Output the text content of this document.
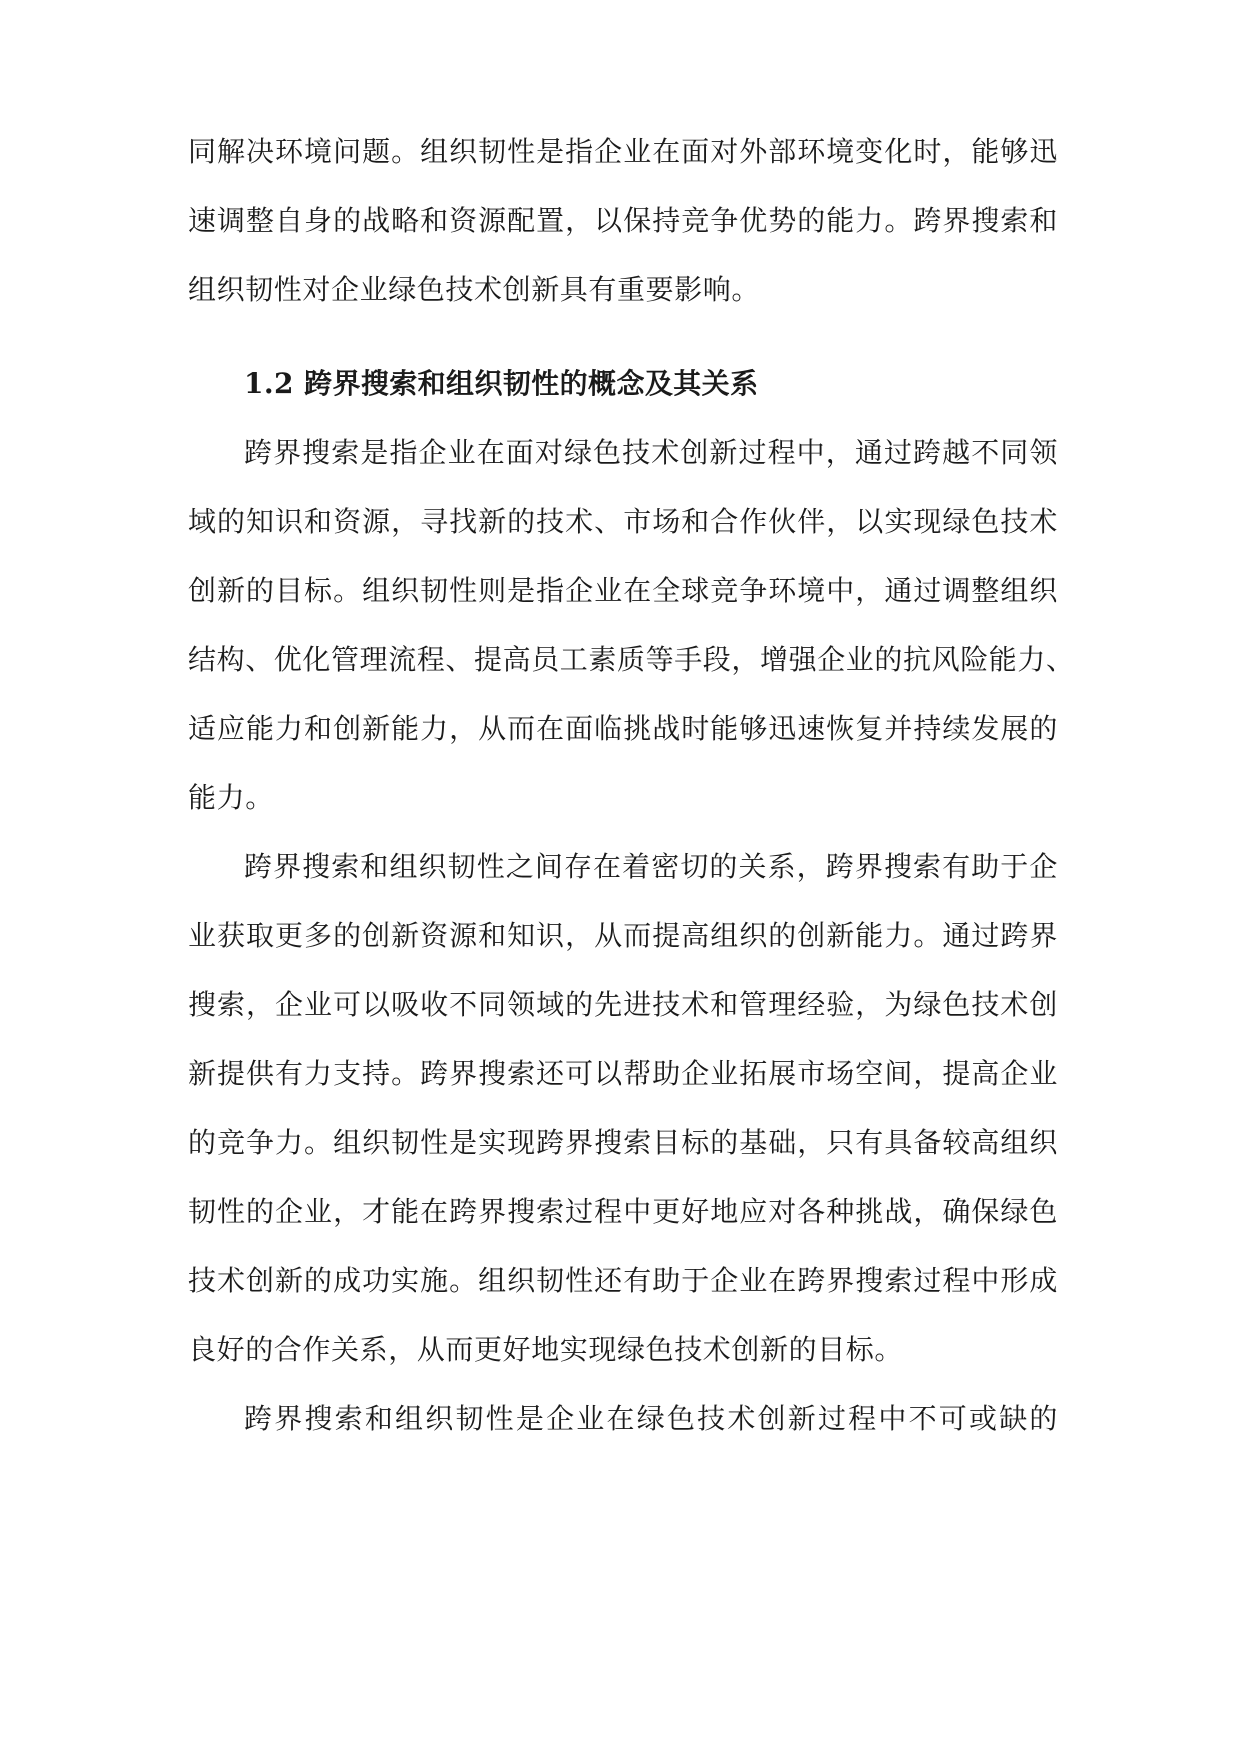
同解决环境问题。组织韧性是指企业在面对外部环境变化时，能够迅
速调整自身的战略和资源配置，以保持竞争优势的能力。跨界搜索和
组织韧性对企业绿色技术创新具有重要影响。
1.2 跨界搜索和组织韧性的概念及其关系
跨界搜索是指企业在面对绿色技术创新过程中，通过跨越不同领
域的知识和资源，寻找新的技术、市场和合作伙伴，以实现绿色技术
创新的目标。组织韧性则是指企业在全球竞争环境中，通过调整组织
结构、优化管理流程、提高员工素质等手段，增强企业的抗风险能力、
适应能力和创新能力，从而在面临挑战时能够迅速恢复并持续发展的
能力。
跨界搜索和组织韧性之间存在着密切的关系，跨界搜索有助于企
业获取更多的创新资源和知识，从而提高组织的创新能力。通过跨界
搜索，企业可以吸收不同领域的先进技术和管理经验，为绿色技术创
新提供有力支持。跨界搜索还可以帮助企业拓展市场空间，提高企业
的竞争力。组织韧性是实现跨界搜索目标的基础，只有具备较高组织
韧性的企业，才能在跨界搜索过程中更好地应对各种挑战，确保绿色
技术创新的成功实施。组织韧性还有助于企业在跨界搜索过程中形成
良好的合作关系，从而更好地实现绿色技术创新的目标。
跨界搜索和组织韧性是企业在绿色技术创新过程中不可或缺的
